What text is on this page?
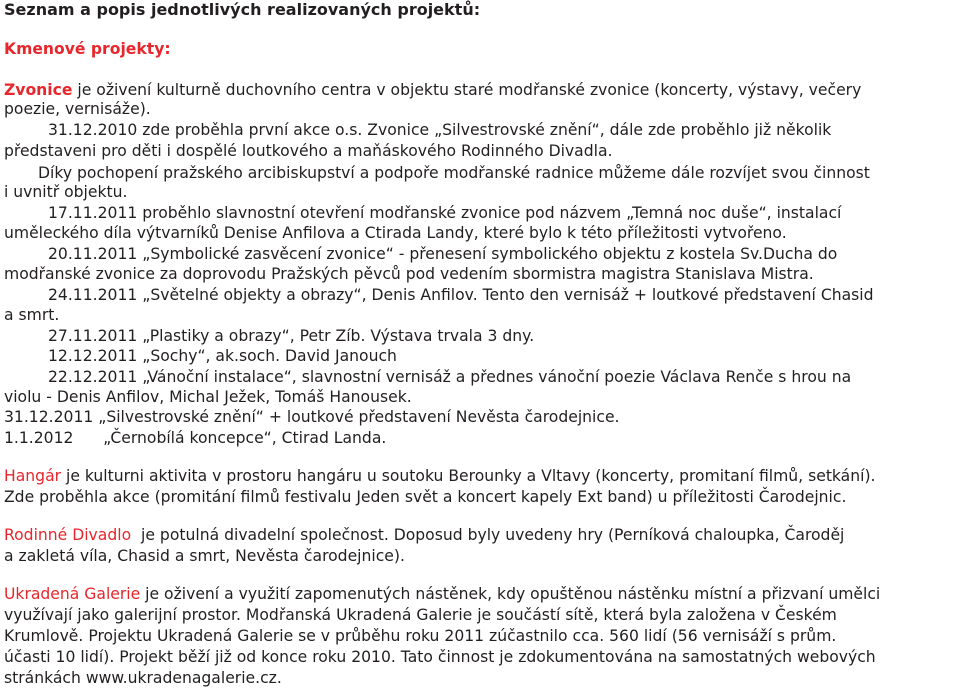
Seznam a popis jednotlivých realizovaných projektů:
Kmenové projekty:
Zvonice je oživení kulturně duchovního centra v objektu staré modřanské zvonice (koncerty, výstavy, večery
poezie, vernisáže).
31.12.2010 zde proběhla první akce o.s. Zvonice „Silvestrovské znění“, dále zde proběhlo již několik
představeni pro děti i dospělé loutkového a maňáskového Rodinného Divadla.
Díky pochopení pražského arcibiskupství a podpoře modřanské radnice můžeme dále rozvíjet svou činnost
i uvnitř objektu.
17.11.2011 proběhlo slavnostní otevření modřanské zvonice pod názvem „Temná noc duše“, instalací
uměleckého díla výtvarníků Denise Anfilova a Ctirada Landy, které bylo k této příležitosti vytvořeno.
20.11.2011 „Symbolické zasvěcení zvonice“ - přenesení symbolického objektu z kostela Sv.Ducha do
modřanské zvonice za doprovodu Pražských pěvců pod vedením sbormistra magistra Stanislava Mistra.
24.11.2011 „Světelné objekty a obrazy“, Denis Anfilov. Tento den vernisáž + loutkové představení Chasid
a smrt.
27.11.2011 „Plastiky a obrazy“, Petr Zíb. Výstava trvala 3 dny.
12.12.2011 „Sochy“, ak.soch. David Janouch
22.12.2011 „Vánoční instalace“, slavnostní vernisáž a přednes vánoční poezie Václava Renče s hrou na
violu - Denis Anfilov, Michal Ježek, Tomáš Hanousek.
31.12.2011 „Silvestrovské znění“ + loutkové představení Nevěsta čarodejnice.
1.1.2012      „Černobílá koncepce“, Ctirad Landa.
Hangár je kulturni aktivita v prostoru hangáru u soutoku Berounky a Vltavy (koncerty, promitaní filmů, setkání).
Zde proběhla akce (promitání filmů festivalu Jeden svět a koncert kapely Ext band) u příležitosti Čarodejnic.
Rodinné Divadlo  je potulná divadelní společnost. Doposud byly uvedeny hry (Perníková chaloupka, Čaroděj
a zakletá víla, Chasid a smrt, Nevěsta čarodejnice).
Ukradená Galerie je oživení a využití zapomenutých nástěnek, kdy opuštěnou nástěnku místní a přizvaní umělci
využívají jako galerijní prostor. Modřanská Ukradená Galerie je součástí sítě, která byla založena v Českém
Krumlově. Projektu Ukradená Galerie se v průběhu roku 2011 zúčastnilo cca. 560 lidí (56 vernisáží s prům.
účasti 10 lidí). Projekt běží již od konce roku 2010. Tato činnost je zdokumentována na samostatných webových
stránkách www.ukradenagalerie.cz.
